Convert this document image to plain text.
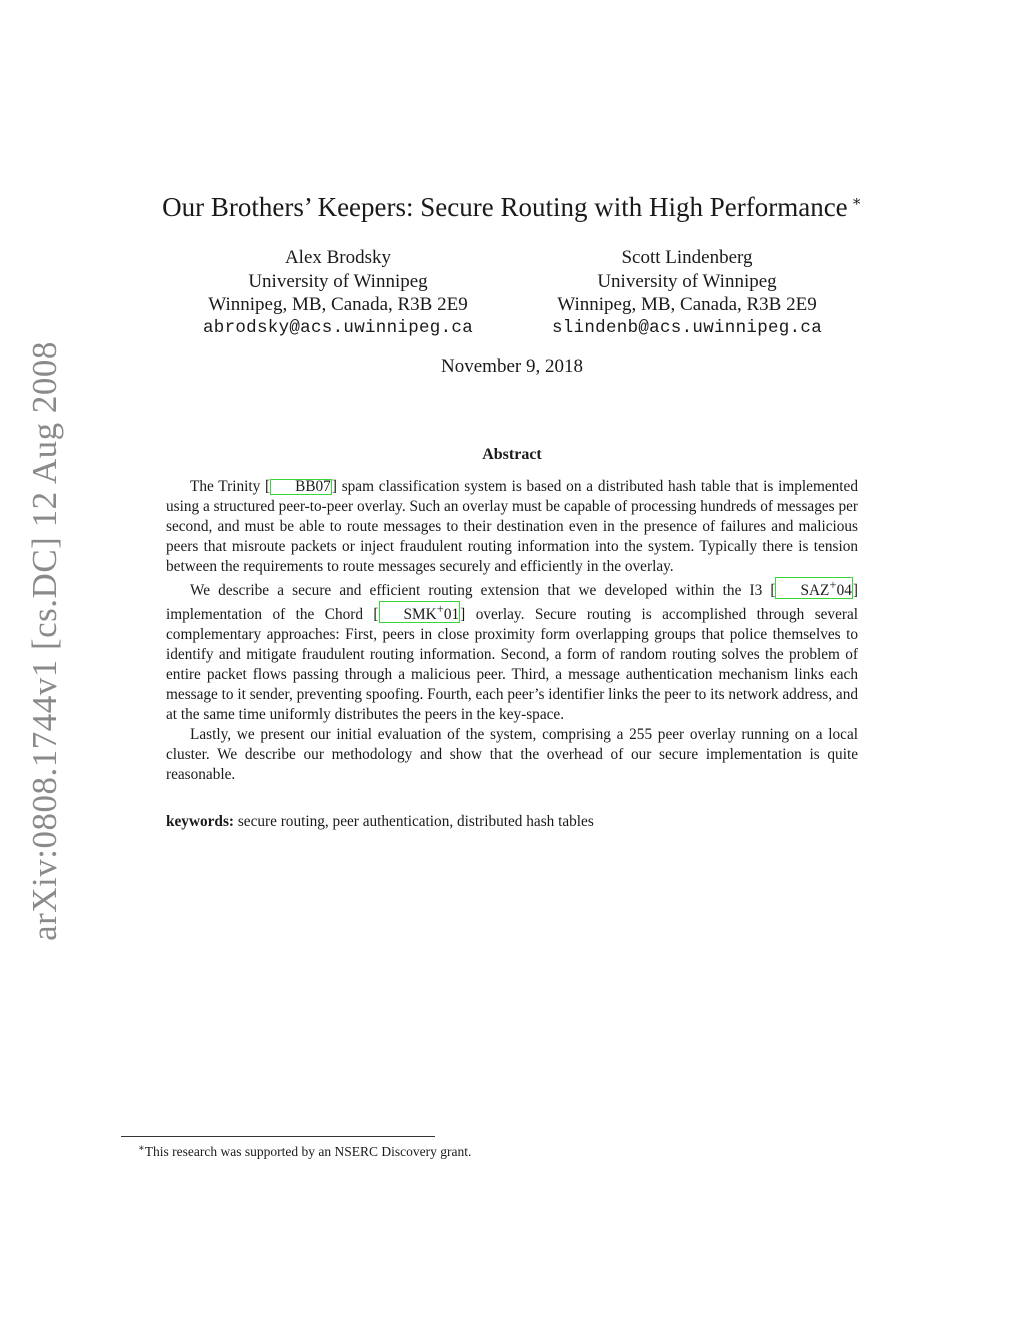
arXiv:0808.1744v1 [cs.DC] 12 Aug 2008
Our Brothers’ Keepers: Secure Routing with High Performance ∗
Alex Brodsky
University of Winnipeg
Winnipeg, MB, Canada, R3B 2E9
abrodsky@acs.uwinnipeg.ca
Scott Lindenberg
University of Winnipeg
Winnipeg, MB, Canada, R3B 2E9
slindenb@acs.uwinnipeg.ca
November 9, 2018
Abstract

The Trinity [ BB07] spam classification system is based on a distributed hash table that is implemented using a structured peer-to-peer overlay. Such an overlay must be capable of processing hundreds of messages per second, and must be able to route messages to their destination even in the presence of failures and malicious peers that misroute packets or inject fraudulent routing information into the system. Typically there is tension between the requirements to route messages securely and efficiently in the overlay.

We describe a secure and efficient routing extension that we developed within the I3 [ SAZ+04] implementation of the Chord [ SMK+01] overlay. Secure routing is accomplished through several complementary approaches: First, peers in close proximity form overlapping groups that police themselves to identify and mitigate fraudulent routing information. Second, a form of random routing solves the problem of entire packet flows passing through a malicious peer. Third, a message authentication mechanism links each message to it sender, preventing spoofing. Fourth, each peer’s identifier links the peer to its network address, and at the same time uniformly distributes the peers in the key-space.

Lastly, we present our initial evaluation of the system, comprising a 255 peer overlay running on a local cluster. We describe our methodology and show that the overhead of our secure implementation is quite reasonable.

keywords: secure routing, peer authentication, distributed hash tables
∗This research was supported by an NSERC Discovery grant.
